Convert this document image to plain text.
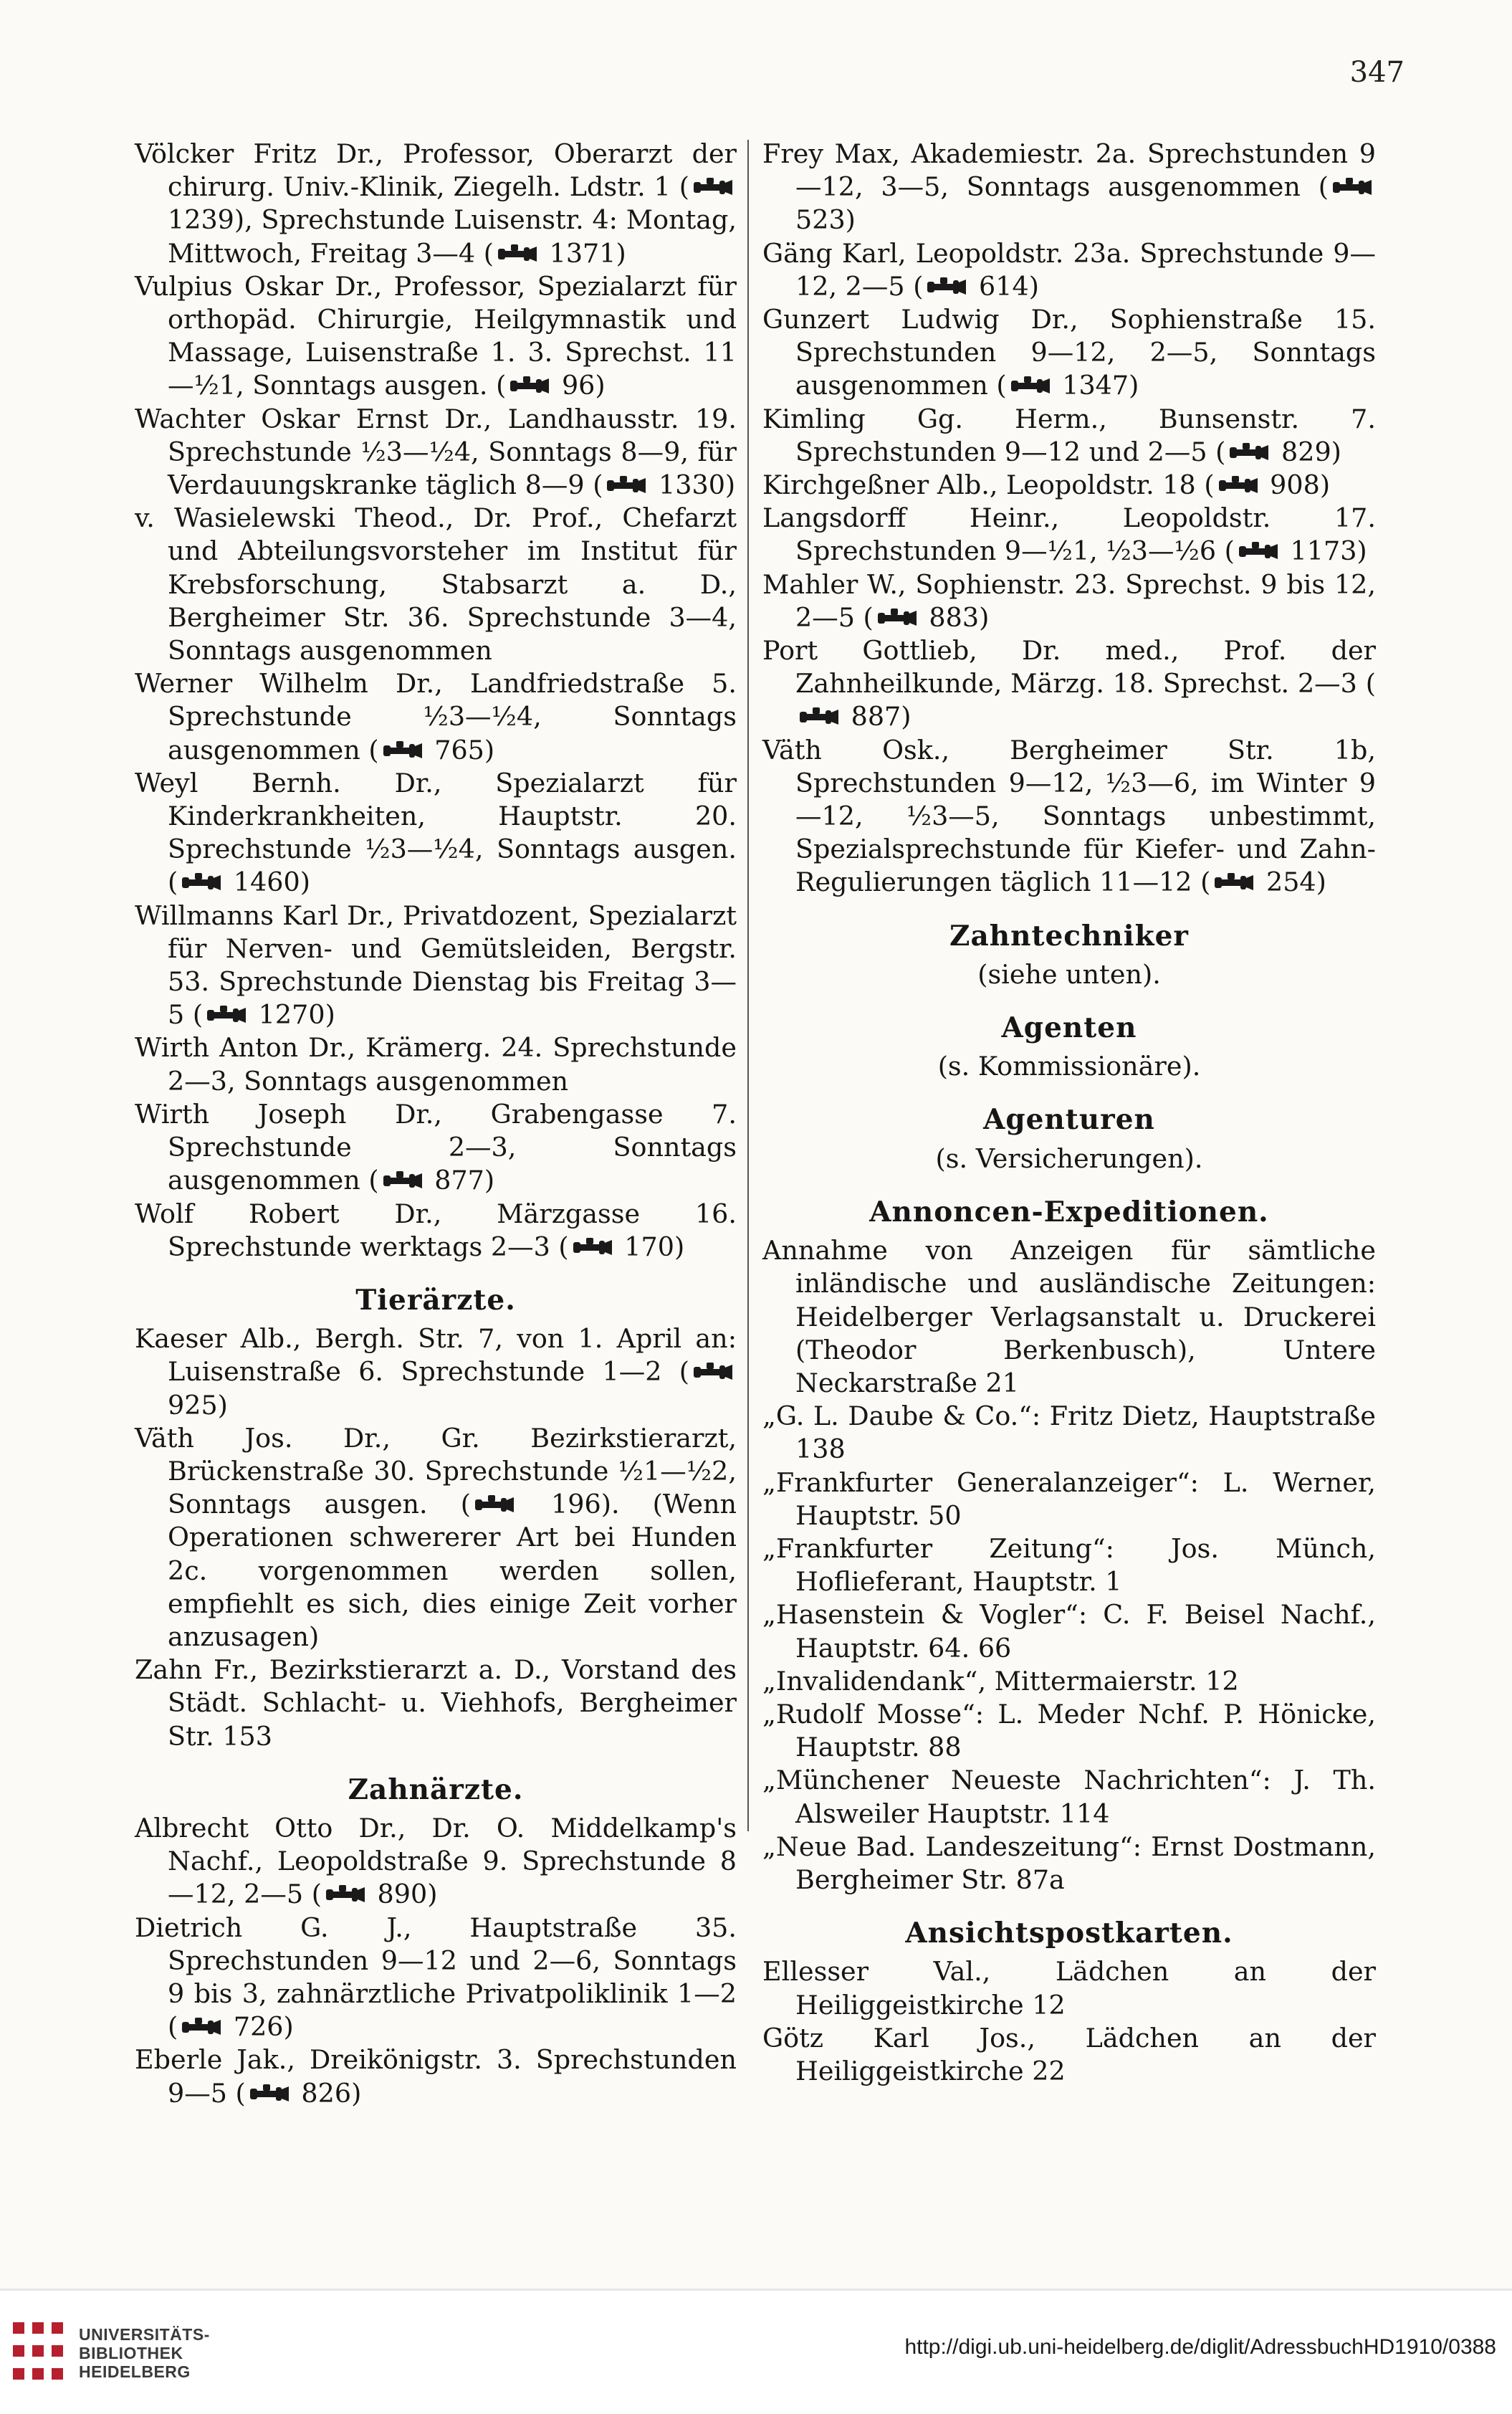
347
Völcker Fritz Dr., Professor, Oberarzt der chirurg. Univ.-Klinik, Ziegelh. Ldstr. 1 ( 1239), Sprechstunde Luisenstr. 4: Montag, Mittwoch, Freitag 3—4 ( 1371)
Vulpius Oskar Dr., Professor, Spezialarzt für orthopäd. Chirurgie, Heilgymnastik und Massage, Luisenstraße 1. 3. Sprechst. 11—½1, Sonntags ausgen. ( 96)
Wachter Oskar Ernst Dr., Landhausstr. 19. Sprechstunde ½3—½4, Sonntags 8—9, für Verdauungskranke täglich 8—9 ( 1330)
v. Wasielewski Theod., Dr. Prof., Chefarzt und Abteilungsvorsteher im Institut für Krebsforschung, Stabsarzt a. D., Bergheimer Str. 36. Sprechstunde 3—4, Sonntags ausgenommen
Werner Wilhelm Dr., Landfriedstraße 5. Sprechstunde ½3—½4, Sonntags ausgenommen ( 765)
Weyl Bernh. Dr., Spezialarzt für Kinderkrankheiten, Hauptstr. 20. Sprechstunde ½3—½4, Sonntags ausgen. ( 1460)
Willmanns Karl Dr., Privatdozent, Spezialarzt für Nerven- und Gemütsleiden, Bergstr. 53. Sprechstunde Dienstag bis Freitag 3—5 ( 1270)
Wirth Anton Dr., Krämerg. 24. Sprechstunde 2—3, Sonntags ausgenommen
Wirth Joseph Dr., Grabengasse 7. Sprechstunde 2—3, Sonntags ausgenommen ( 877)
Wolf Robert Dr., Märzgasse 16. Sprechstunde werktags 2—3 ( 170)
Tierärzte.
Kaeser Alb., Bergh. Str. 7, von 1. April an: Luisenstraße 6. Sprechstunde 1—2 ( 925)
Väth Jos. Dr., Gr. Bezirkstierarzt, Brückenstraße 30. Sprechstunde ½1—½2, Sonntags ausgen. ( 196). (Wenn Operationen schwererer Art bei Hunden 2c. vorgenommen werden sollen, empfiehlt es sich, dies einige Zeit vorher anzusagen)
Zahn Fr., Bezirkstierarzt a. D., Vorstand des Städt. Schlacht- u. Viehhofs, Bergheimer Str. 153
Zahnärzte.
Albrecht Otto Dr., Dr. O. Middelkamp's Nachf., Leopoldstraße 9. Sprechstunde 8—12, 2—5 ( 890)
Dietrich G. J., Hauptstraße 35. Sprechstunden 9—12 und 2—6, Sonntags 9 bis 3, zahnärztliche Privatpoliklinik 1—2 ( 726)
Eberle Jak., Dreikönigstr. 3. Sprechstunden 9—5 ( 826)
Frey Max, Akademiestr. 2a. Sprechstunden 9—12, 3—5, Sonntags ausgenommen ( 523)
Gäng Karl, Leopoldstr. 23a. Sprechstunde 9—12, 2—5 ( 614)
Gunzert Ludwig Dr., Sophienstraße 15. Sprechstunden 9—12, 2—5, Sonntags ausgenommen ( 1347)
Kimling Gg. Herm., Bunsenstr. 7. Sprechstunden 9—12 und 2—5 ( 829)
Kirchgeßner Alb., Leopoldstr. 18 ( 908)
Langsdorff Heinr., Leopoldstr. 17. Sprechstunden 9—½1, ½3—½6 ( 1173)
Mahler W., Sophienstr. 23. Sprechst. 9 bis 12, 2—5 ( 883)
Port Gottlieb, Dr. med., Prof. der Zahnheilkunde, Märzg. 18. Sprechst. 2—3 ( 887)
Väth Osk., Bergheimer Str. 1b, Sprechstunden 9—12, ½3—6, im Winter 9—12, ½3—5, Sonntags unbestimmt, Spezialsprechstunde für Kiefer- und Zahn-Regulierungen täglich 11—12 ( 254)
Zahntechniker
(siehe unten).
Agenten
(s. Kommissionäre).
Agenturen
(s. Versicherungen).
Annoncen-Expeditionen.
Annahme von Anzeigen für sämtliche inländische und ausländische Zeitungen: Heidelberger Verlagsanstalt u. Druckerei (Theodor Berkenbusch), Untere Neckarstraße 21
„G. L. Daube & Co.“: Fritz Dietz, Hauptstraße 138
„Frankfurter Generalanzeiger“: L. Werner, Hauptstr. 50
„Frankfurter Zeitung“: Jos. Münch, Hoflieferant, Hauptstr. 1
„Hasenstein & Vogler“: C. F. Beisel Nachf., Hauptstr. 64. 66
„Invalidendank“, Mittermaierstr. 12
„Rudolf Mosse“: L. Meder Nchf. P. Hönicke, Hauptstr. 88
„Münchener Neueste Nachrichten“: J. Th. Alsweiler Hauptstr. 114
„Neue Bad. Landeszeitung“: Ernst Dostmann, Bergheimer Str. 87a
Ansichtspostkarten.
Ellesser Val., Lädchen an der Heiliggeistkirche 12
Götz Karl Jos., Lädchen an der Heiliggeistkirche 22
UNIVERSITÄTS-
BIBLIOTHEK
HEIDELBERG
http://digi.ub.uni-heidelberg.de/diglit/AdressbuchHD1910/0388
